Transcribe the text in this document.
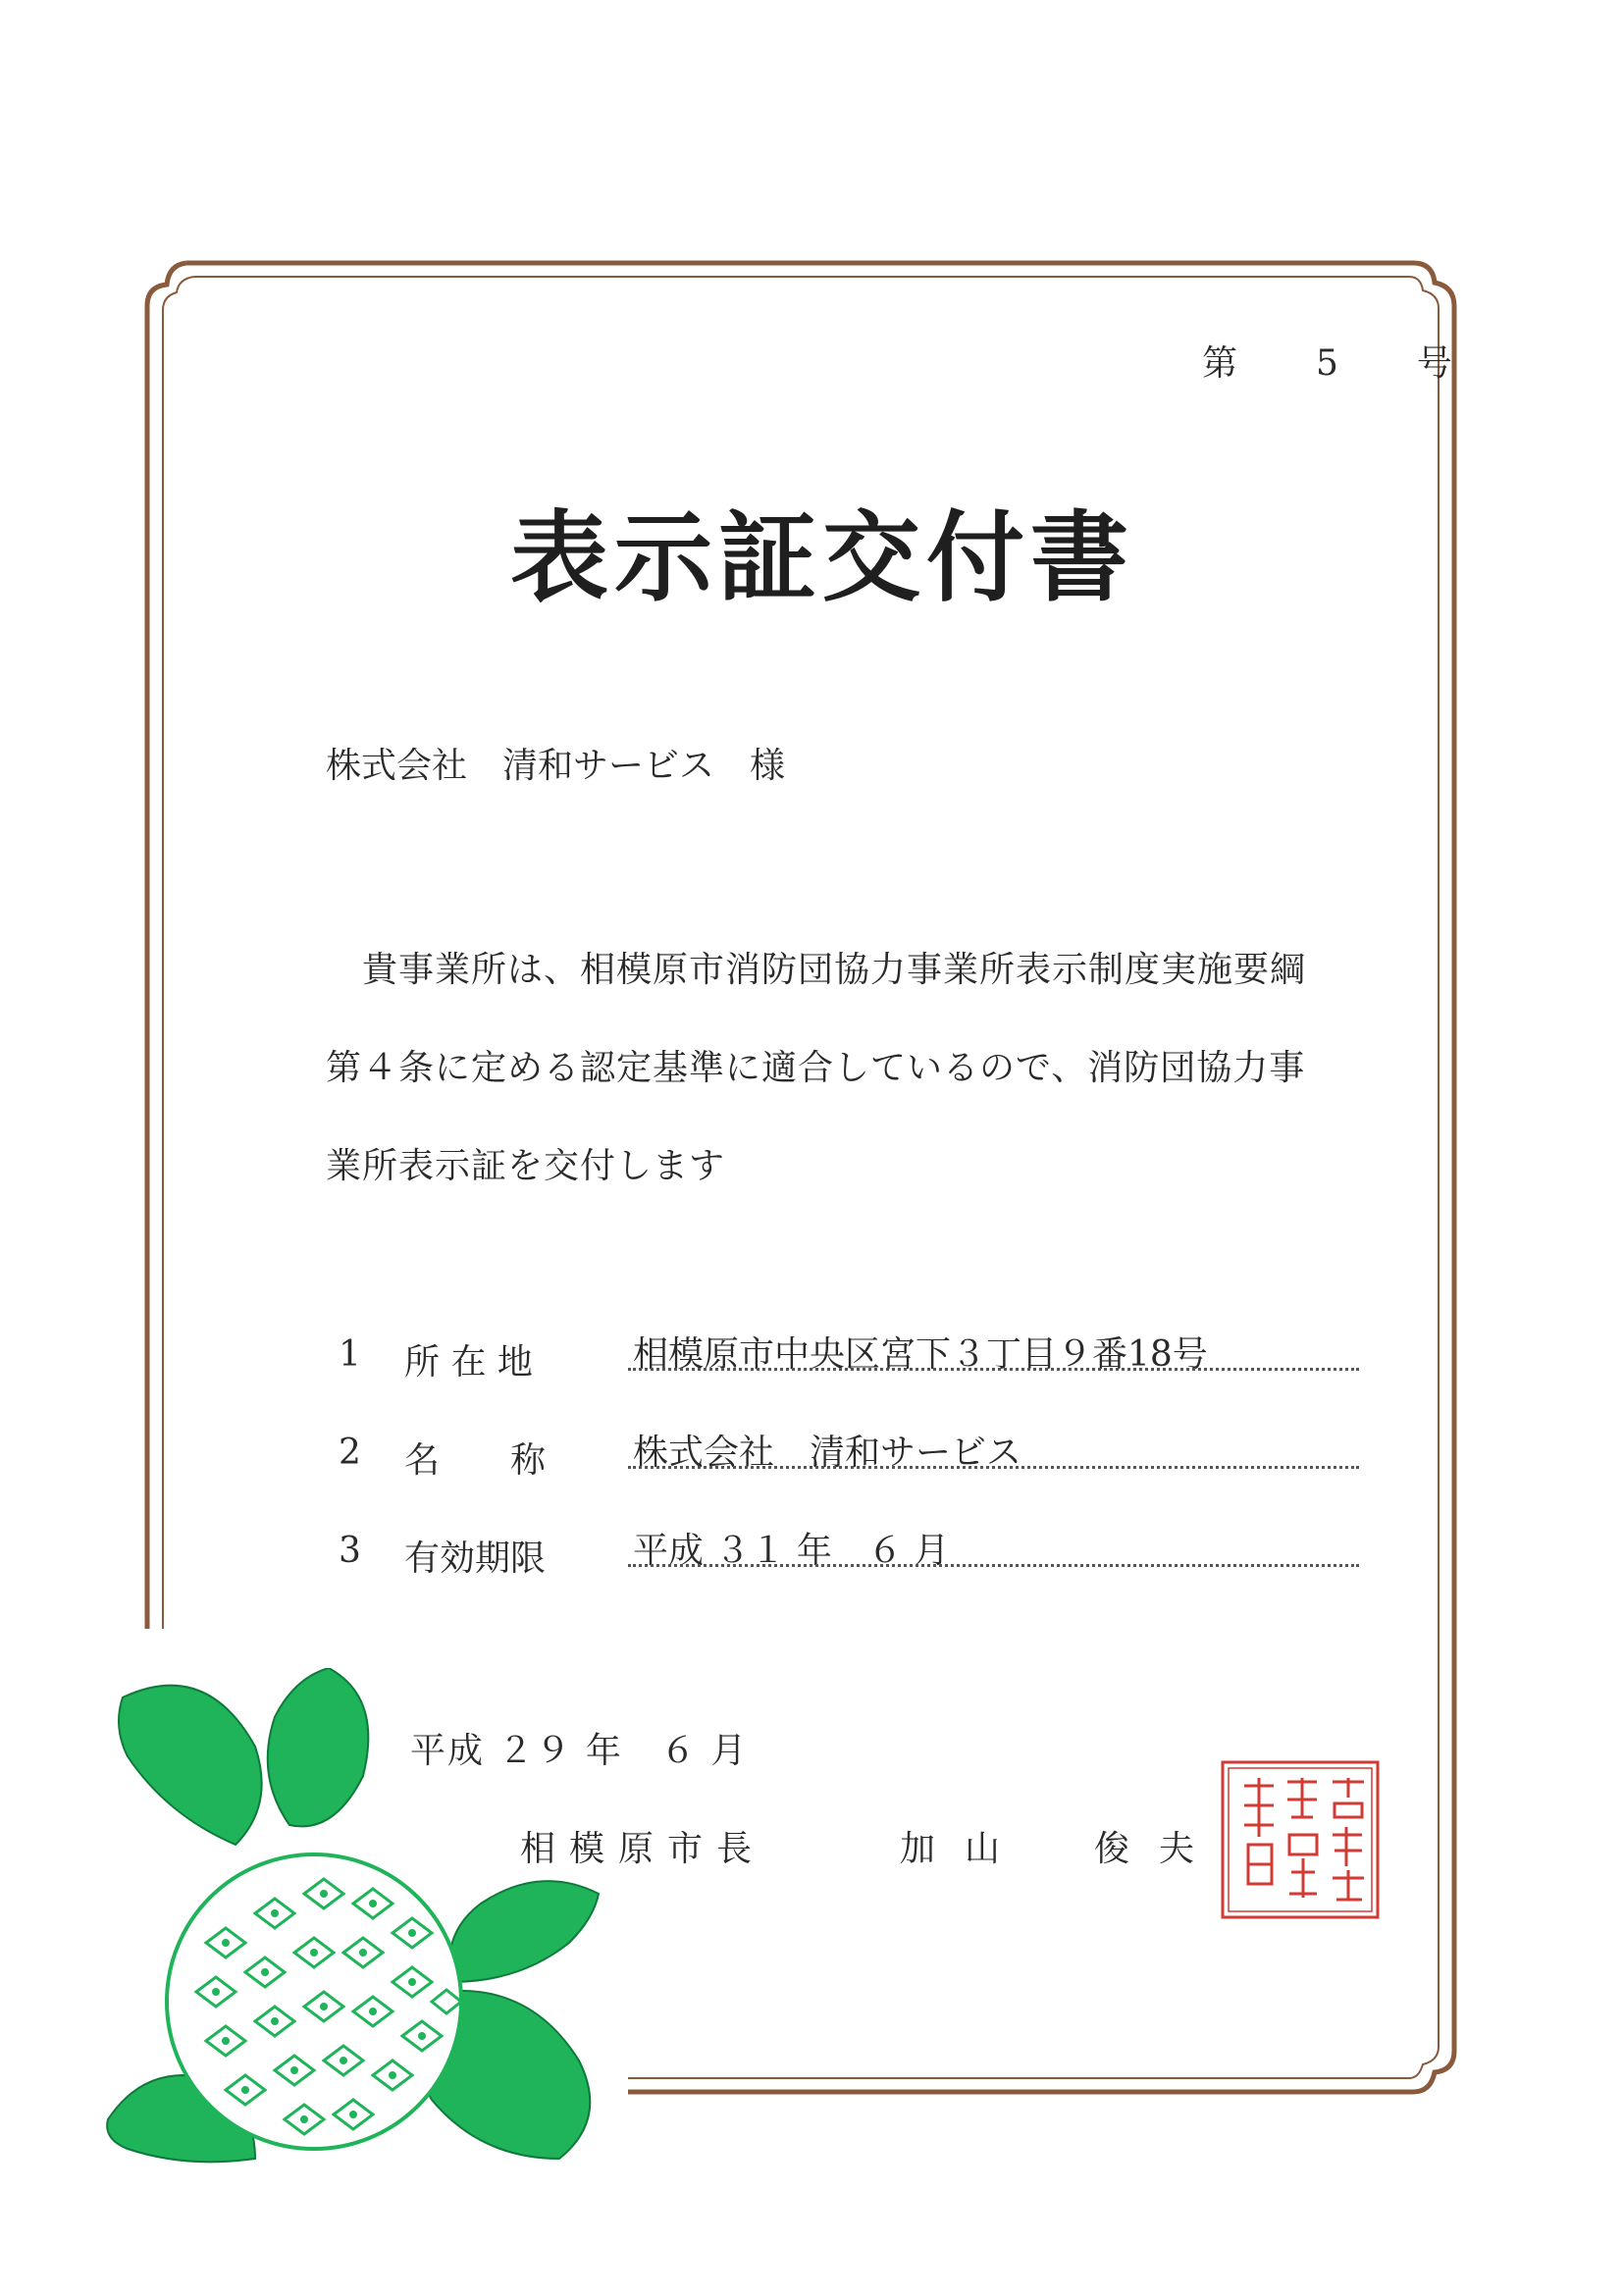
第　5　号
表示証交付書
株式会社　清和サービス　様
　貴事業所は、相模原市消防団協力事業所表示制度実施要綱
第４条に定める認定基準に適合しているので、消防団協力事
業所表示証を交付します
1 所 在 地	相模原市中央区宮下３丁目９番18号
2 名　　称 株式会社　清和サービス
3 有効期限 平成 ３１ 年　６ 月
平成 ２９ 年　６ 月
相模原市長	加山　俊夫
